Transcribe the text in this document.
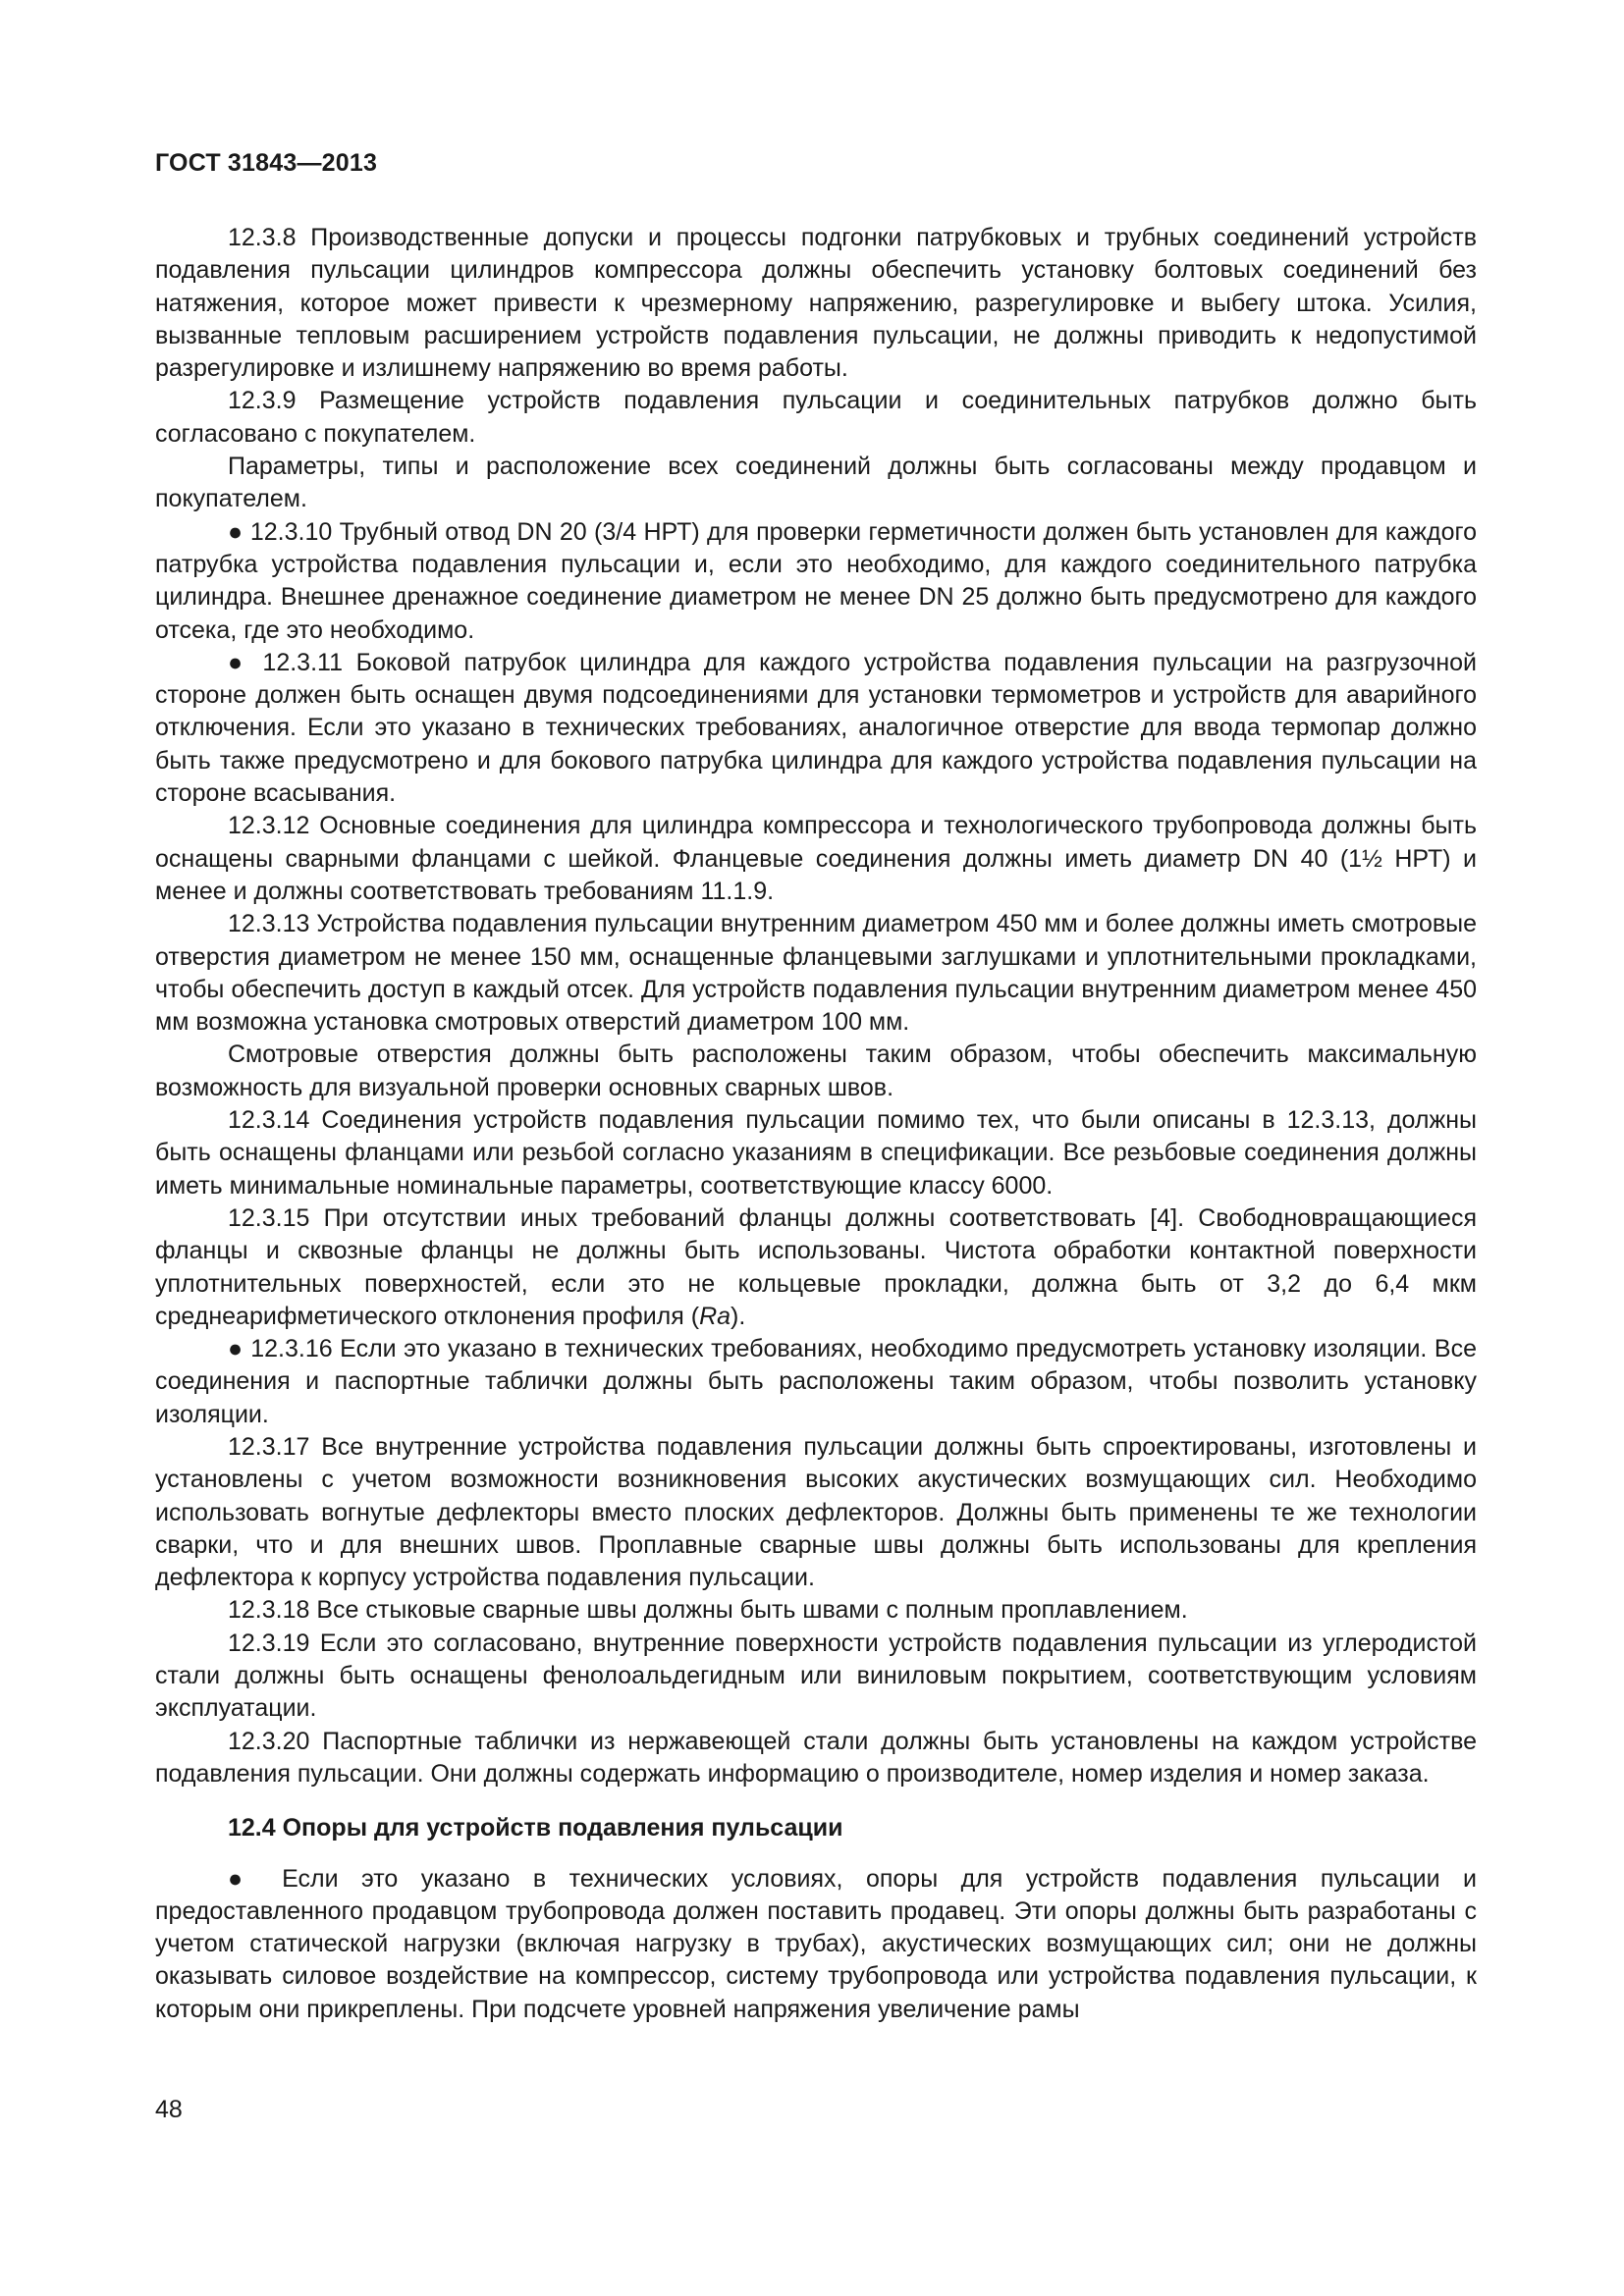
ГОСТ 31843—2013

12.3.8 Производственные допуски и процессы подгонки патрубковых и трубных соединений устройств подавления пульсации цилиндров компрессора должны обеспечить установку болтовых соединений без натяжения, которое может привести к чрезмерному напряжению, разрегулировке и выбегу штока. Усилия, вызванные тепловым расширением устройств подавления пульсации, не должны приводить к недопустимой разрегулировке и излишнему напряжению во время работы.

12.3.9 Размещение устройств подавления пульсации и соединительных патрубков должно быть согласовано с покупателем.

Параметры, типы и расположение всех соединений должны быть согласованы между продавцом и покупателем.

● 12.3.10 Трубный отвод DN 20 (3/4 НРТ) для проверки герметичности должен быть установлен для каждого патрубка устройства подавления пульсации и, если это необходимо, для каждого соединительного патрубка цилиндра. Внешнее дренажное соединение диаметром не менее DN 25 должно быть предусмотрено для каждого отсека, где это необходимо.

● 12.3.11 Боковой патрубок цилиндра для каждого устройства подавления пульсации на разгрузочной стороне должен быть оснащен двумя подсоединениями для установки термометров и устройств для аварийного отключения. Если это указано в технических требованиях, аналогичное отверстие для ввода термопар должно быть также предусмотрено и для бокового патрубка цилиндра для каждого устройства подавления пульсации на стороне всасывания.

12.3.12 Основные соединения для цилиндра компрессора и технологического трубопровода должны быть оснащены сварными фланцами с шейкой. Фланцевые соединения должны иметь диаметр DN 40 (1½ НРТ) и менее и должны соответствовать требованиям 11.1.9.

12.3.13 Устройства подавления пульсации внутренним диаметром 450 мм и более должны иметь смотровые отверстия диаметром не менее 150 мм, оснащенные фланцевыми заглушками и уплотнительными прокладками, чтобы обеспечить доступ в каждый отсек. Для устройств подавления пульсации внутренним диаметром менее 450 мм возможна установка смотровых отверстий диаметром 100 мм.

Смотровые отверстия должны быть расположены таким образом, чтобы обеспечить максимальную возможность для визуальной проверки основных сварных швов.

12.3.14 Соединения устройств подавления пульсации помимо тех, что были описаны в 12.3.13, должны быть оснащены фланцами или резьбой согласно указаниям в спецификации. Все резьбовые соединения должны иметь минимальные номинальные параметры, соответствующие классу 6000.

12.3.15 При отсутствии иных требований фланцы должны соответствовать [4]. Свободновращающиеся фланцы и сквозные фланцы не должны быть использованы. Чистота обработки контактной поверхности уплотнительных поверхностей, если это не кольцевые прокладки, должна быть от 3,2 до 6,4 мкм среднеарифметического отклонения профиля (Ra).

● 12.3.16 Если это указано в технических требованиях, необходимо предусмотреть установку изоляции. Все соединения и паспортные таблички должны быть расположены таким образом, чтобы позволить установку изоляции.

12.3.17 Все внутренние устройства подавления пульсации должны быть спроектированы, изготовлены и установлены с учетом возможности возникновения высоких акустических возмущающих сил. Необходимо использовать вогнутые дефлекторы вместо плоских дефлекторов. Должны быть применены те же технологии сварки, что и для внешних швов. Проплавные сварные швы должны быть использованы для крепления дефлектора к корпусу устройства подавления пульсации.

12.3.18 Все стыковые сварные швы должны быть швами с полным проплавлением.

12.3.19 Если это согласовано, внутренние поверхности устройств подавления пульсации из углеродистой стали должны быть оснащены фенолоальдегидным или виниловым покрытием, соответствующим условиям эксплуатации.

12.3.20 Паспортные таблички из нержавеющей стали должны быть установлены на каждом устройстве подавления пульсации. Они должны содержать информацию о производителе, номер изделия и номер заказа.

12.4 Опоры для устройств подавления пульсации

● Если это указано в технических условиях, опоры для устройств подавления пульсации и предоставленного продавцом трубопровода должен поставить продавец. Эти опоры должны быть разработаны с учетом статической нагрузки (включая нагрузку в трубах), акустических возмущающих сил; они не должны оказывать силовое воздействие на компрессор, систему трубопровода или устройства подавления пульсации, к которым они прикреплены. При подсчете уровней напряжения увеличение рамы

48
